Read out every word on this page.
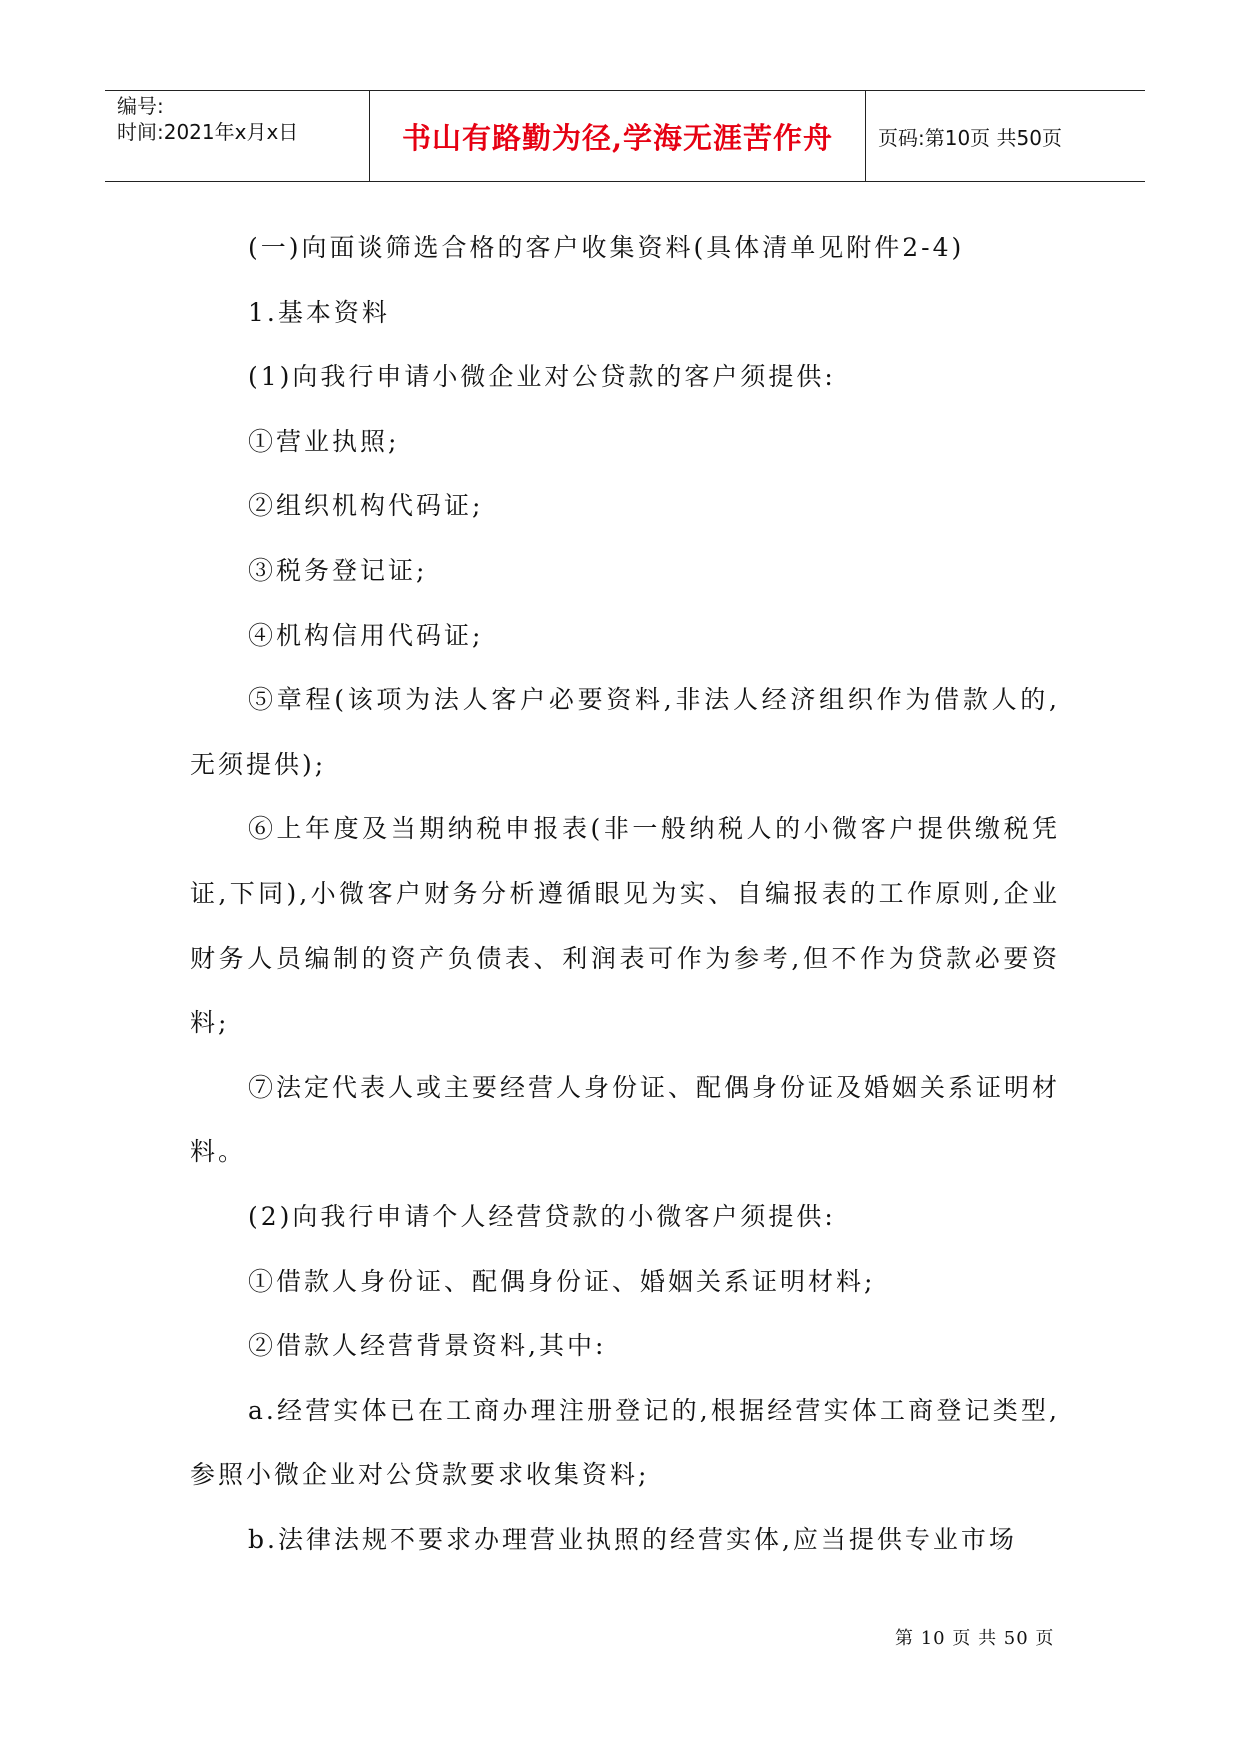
编号:
时间:2021年x月x日	书山有路勤为径,学海无涯苦作舟 页码:第10页 共50页

(一)向面谈筛选合格的客户收集资料(具体清单见附件2-4)

1.基本资料

(1)向我行申请小微企业对公贷款的客户须提供:

①营业执照;

②组织机构代码证;

③税务登记证;

④机构信用代码证;

⑤章程(该项为法人客户必要资料,非法人经济组织作为借款人的,无须提供);

⑥上年度及当期纳税申报表(非一般纳税人的小微客户提供缴税凭证,下同),小微客户财务分析遵循眼见为实、自编报表的工作原则,企业财务人员编制的资产负债表、利润表可作为参考,但不作为贷款必要资料;

⑦法定代表人或主要经营人身份证、配偶身份证及婚姻关系证明材料。

(2)向我行申请个人经营贷款的小微客户须提供:

①借款人身份证、配偶身份证、婚姻关系证明材料;

②借款人经营背景资料,其中:

a.经营实体已在工商办理注册登记的,根据经营实体工商登记类型,参照小微企业对公贷款要求收集资料;

b.法律法规不要求办理营业执照的经营实体,应当提供专业市场

第 10 页 共 50 页
